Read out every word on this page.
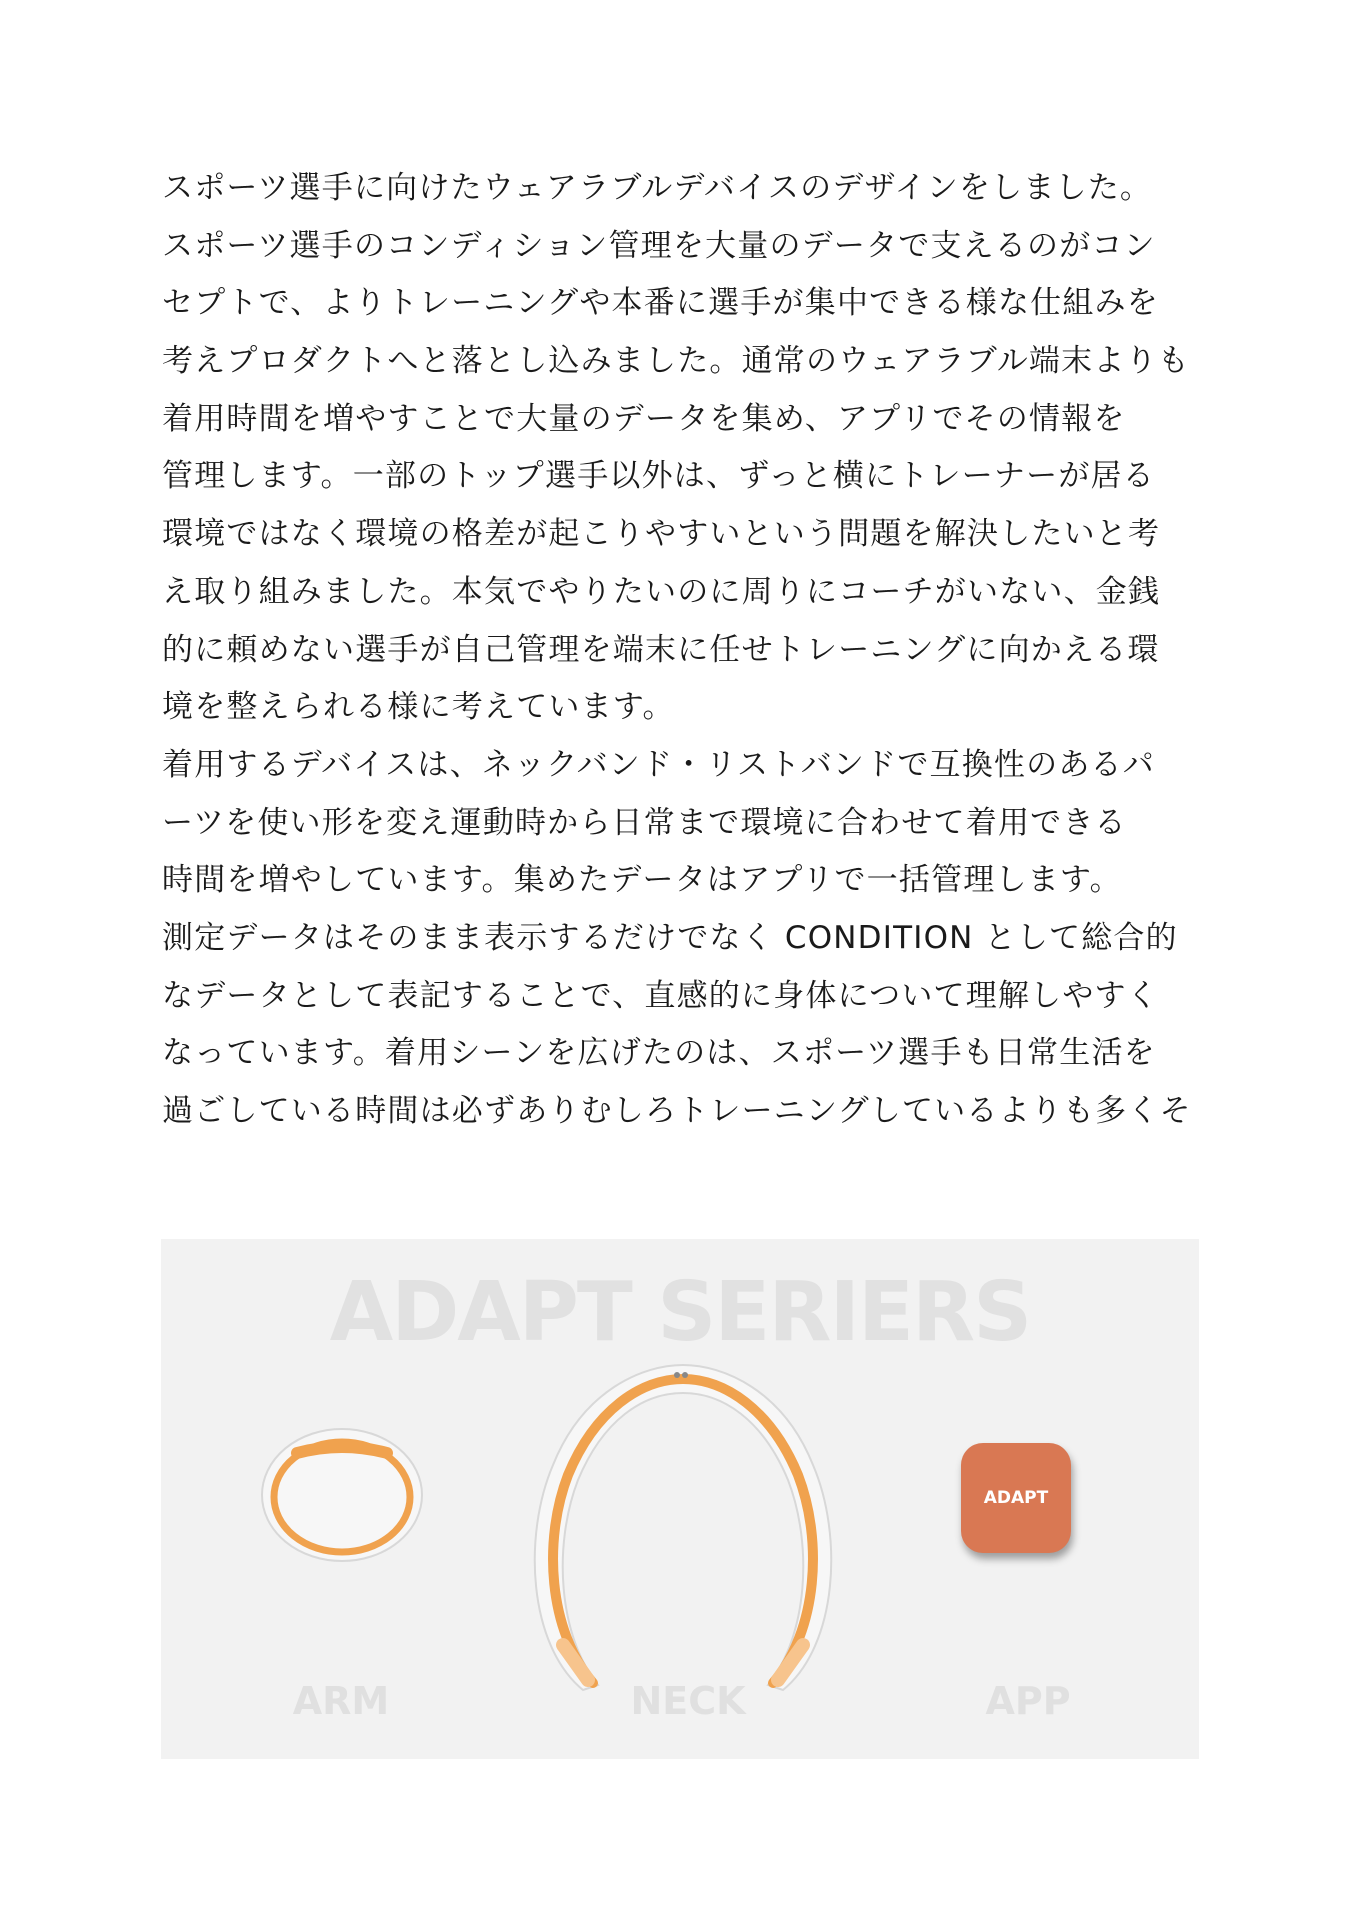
スポーツ選手に向けたウェアラブルデバイスのデザインをしました。
スポーツ選手のコンディション管理を大量のデータで支えるのがコン
セプトで、よりトレーニングや本番に選手が集中できる様な仕組みを
考えプロダクトへと落とし込みました。通常のウェアラブル端末よりも
着用時間を増やすことで大量のデータを集め、アプリでその情報を
管理します。一部のトップ選手以外は、ずっと横にトレーナーが居る
環境ではなく環境の格差が起こりやすいという問題を解決したいと考
え取り組みました。本気でやりたいのに周りにコーチがいない、金銭
的に頼めない選手が自己管理を端末に任せトレーニングに向かえる環
境を整えられる様に考えています。
着用するデバイスは、ネックバンド・リストバンドで互換性のあるパ
ーツを使い形を変え運動時から日常まで環境に合わせて着用できる
時間を増やしています。集めたデータはアプリで一括管理します。
測定データはそのまま表示するだけでなく CONDITION として総合的
なデータとして表記することで、直感的に身体について理解しやすく
なっています。着用シーンを広げたのは、スポーツ選手も日常生活を
過ごしている時間は必ずありむしろトレーニングしているよりも多くそ
ADAPT SERIERS
ADAPT
ARM	NECK	APP
